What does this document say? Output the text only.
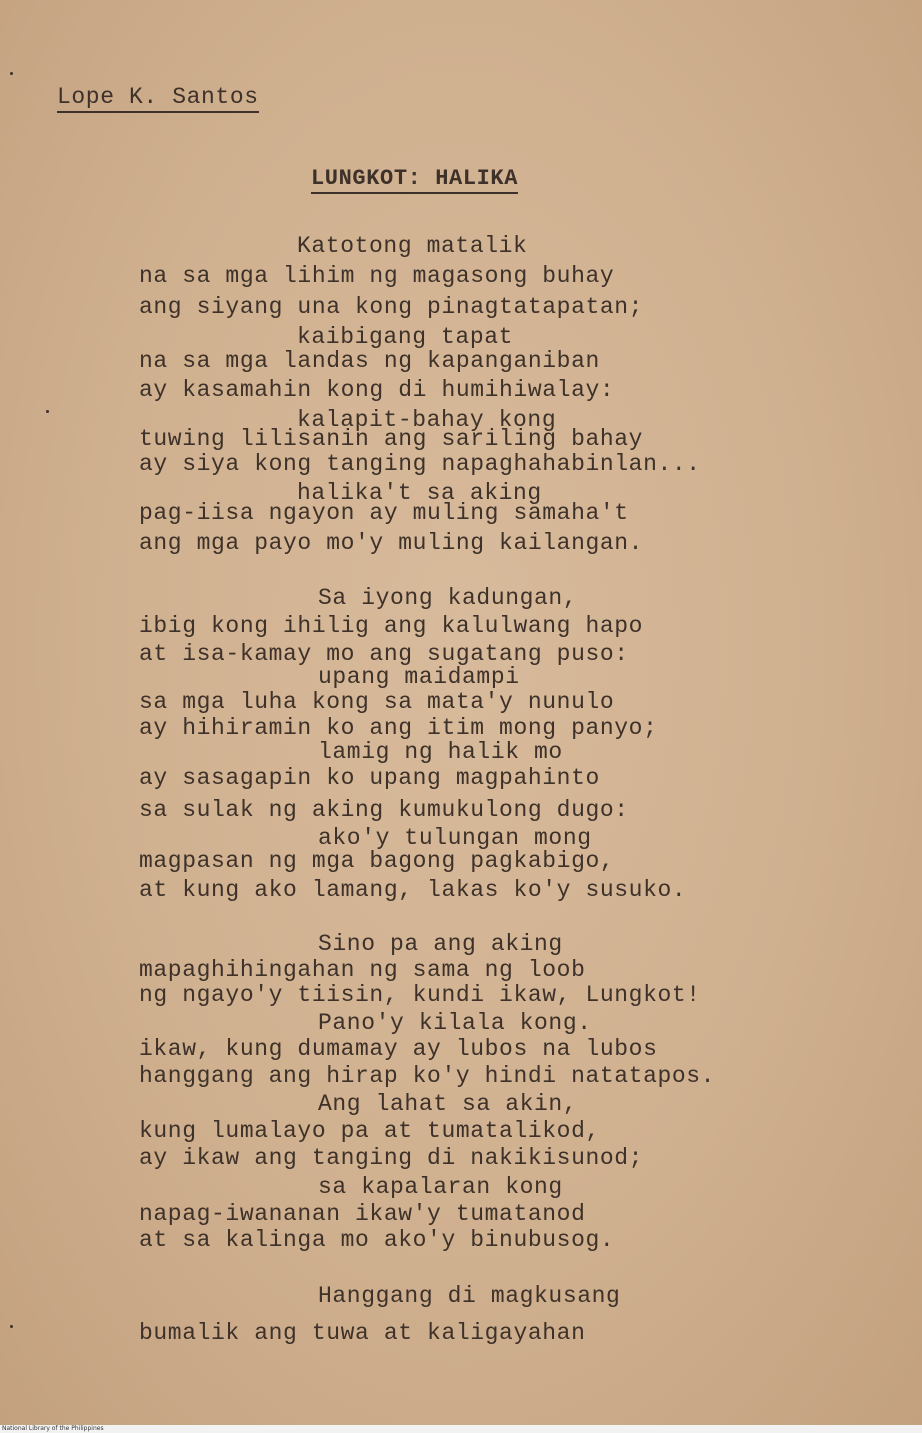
Lope K. Santos
LUNGKOT: HALIKA
Katotong matalik
na sa mga lihim ng magasong buhay
ang siyang una kong pinagtatapatan;
kaibigang tapat
na sa mga landas ng kapanganiban
ay kasamahin kong di humihiwalay:
kalapit-bahay kong
tuwing lilisanin ang sariling bahay
ay siya kong tanging napaghahabinlan...
halika't sa aking
pag-iisa ngayon ay muling samaha't
ang mga payo mo'y muling kailangan.
Sa iyong kadungan,
ibig kong ihilig ang kalulwang hapo
at isa-kamay mo ang sugatang puso:
upang maidampi
sa mga luha kong sa mata'y nunulo
ay hihiramin ko ang itim mong panyo;
lamig ng halik mo
ay sasagapin ko upang magpahinto
sa sulak ng aking kumukulong dugo:
ako'y tulungan mong
magpasan ng mga bagong pagkabigo,
at kung ako lamang, lakas ko'y susuko.
Sino pa ang aking
mapaghihingahan ng sama ng loob
ng ngayo'y tiisin, kundi ikaw, Lungkot!
Pano'y kilala kong.
ikaw, kung dumamay ay lubos na lubos
hanggang ang hirap ko'y hindi natatapos.
Ang lahat sa akin,
kung lumalayo pa at tumatalikod,
ay ikaw ang tanging di nakikisunod;
sa kapalaran kong
napag-iwananan ikaw'y tumatanod
at sa kalinga mo ako'y binubusog.
Hanggang di magkusang
bumalik ang tuwa at kaligayahan
National Library of the Philippines
